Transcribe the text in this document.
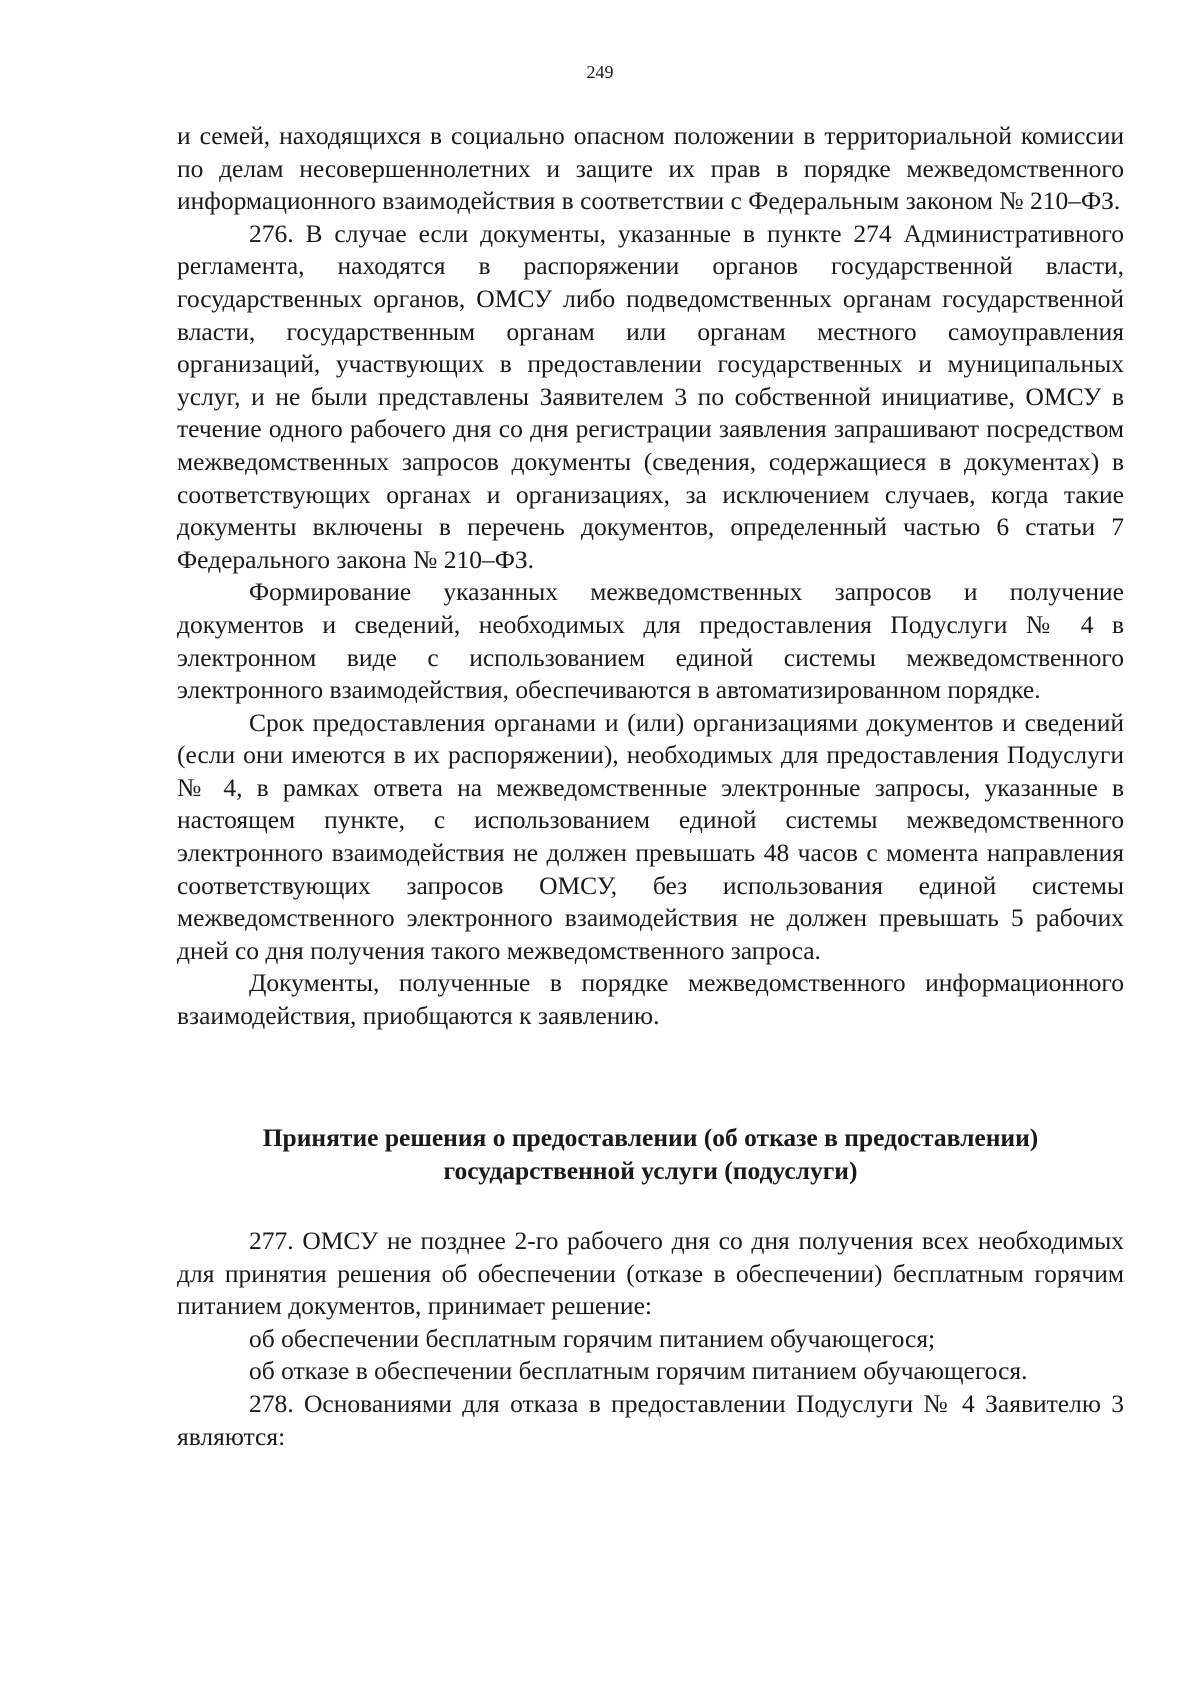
249

и семей, находящихся в социально опасном положении в территориальной комиссии по делам несовершеннолетних и защите их прав в порядке межведомственного информационного взаимодействия в соответствии с Федеральным законом № 210–ФЗ.

276. В случае если документы, указанные в пункте 274 Административного регламента, находятся в распоряжении органов государственной власти, государственных органов, ОМСУ либо подведомственных органам государственной власти, государственным органам или органам местного самоуправления организаций, участвующих в предоставлении государственных и муниципальных услуг, и не были представлены Заявителем 3 по собственной инициативе, ОМСУ в течение одного рабочего дня со дня регистрации заявления запрашивают посредством межведомственных запросов документы (сведения, содержащиеся в документах) в соответствующих органах и организациях, за исключением случаев, когда такие документы включены в перечень документов, определенный частью 6 статьи 7 Федерального закона № 210–ФЗ.

Формирование указанных межведомственных запросов и получение документов и сведений, необходимых для предоставления Подуслуги № 4 в электронном виде с использованием единой системы межведомственного электронного взаимодействия, обеспечиваются в автоматизированном порядке.

Срок предоставления органами и (или) организациями документов и сведений (если они имеются в их распоряжении), необходимых для предоставления Подуслуги № 4, в рамках ответа на межведомственные электронные запросы, указанные в настоящем пункте, с использованием единой системы межведомственного электронного взаимодействия не должен превышать 48 часов с момента направления соответствующих запросов ОМСУ, без использования единой системы межведомственного электронного взаимодействия не должен превышать 5 рабочих дней со дня получения такого межведомственного запроса.

Документы, полученные в порядке межведомственного информационного взаимодействия, приобщаются к заявлению.

Принятие решения о предоставлении (об отказе в предоставлении)
государственной услуги (подуслуги)

277. ОМСУ не позднее 2-го рабочего дня со дня получения всех необходимых для принятия решения об обеспечении (отказе в обеспечении) бесплатным горячим питанием документов, принимает решение:

об обеспечении бесплатным горячим питанием обучающегося;

об отказе в обеспечении бесплатным горячим питанием обучающегося.

278. Основаниями для отказа в предоставлении Подуслуги № 4 Заявителю 3 являются:
